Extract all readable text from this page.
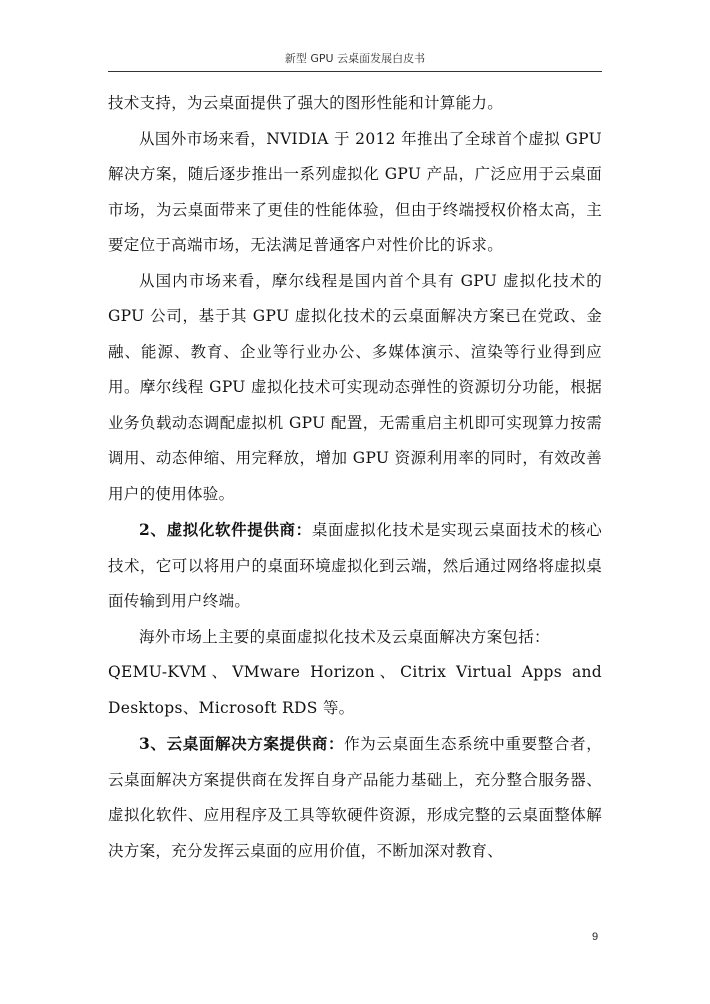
新型 GPU 云桌面发展白皮书

技术支持，为云桌面提供了强大的图形性能和计算能力。

从国外市场来看，NVIDIA 于 2012 年推出了全球首个虚拟 GPU 解决方案，随后逐步推出一系列虚拟化 GPU 产品，广泛应用于云桌面市场，为云桌面带来了更佳的性能体验，但由于终端授权价格太高，主要定位于高端市场，无法满足普通客户对性价比的诉求。

从国内市场来看，摩尔线程是国内首个具有 GPU 虚拟化技术的 GPU 公司，基于其 GPU 虚拟化技术的云桌面解决方案已在党政、金融、能源、教育、企业等行业办公、多媒体演示、渲染等行业得到应用。摩尔线程 GPU 虚拟化技术可实现动态弹性的资源切分功能，根据业务负载动态调配虚拟机 GPU 配置，无需重启主机即可实现算力按需调用、动态伸缩、用完释放，增加 GPU 资源利用率的同时，有效改善用户的使用体验。

2、虚拟化软件提供商：桌面虚拟化技术是实现云桌面技术的核心技术，它可以将用户的桌面环境虚拟化到云端，然后通过网络将虚拟桌面传输到用户终端。

海外市场上主要的桌面虚拟化技术及云桌面解决方案包括：

QEMU-KVM、VMware Horizon、Citrix Virtual Apps and Desktops、Microsoft RDS 等。

3、云桌面解决方案提供商：作为云桌面生态系统中重要整合者，云桌面解决方案提供商在发挥自身产品能力基础上，充分整合服务器、虚拟化软件、应用程序及工具等软硬件资源，形成完整的云桌面整体解决方案，充分发挥云桌面的应用价值，不断加深对教育、

9
